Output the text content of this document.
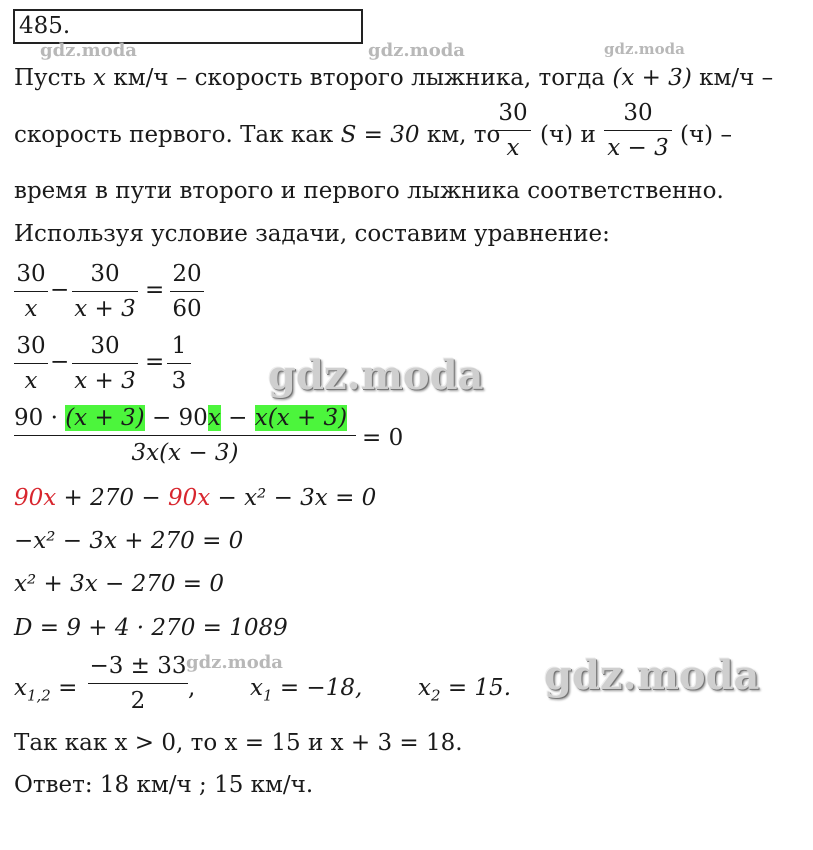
485.
gdz.moda	gdz.moda	gdz.moda
gdz.moda
gdz.moda
gdz.moda
Пусть x км/ч – скорость второго лыжника, тогда (x + 3) км/ч –
скорость первого. Так как S = 30 км, то
30
x (ч) и
30
x − 3 (ч) –
время в пути второго и первого лыжника соответственно.
Используя условие задачи, составим уравнение:
30
x
−
30
x + 3
=
20
60
30
x
−
30
x + 3
=
1
3
90 · (x + 3) − 90x − x(x + 3)
3x(x − 3)
= 0
90x + 270 − 90x − x² − 3x = 0
−x² − 3x + 270 = 0
x² + 3x − 270 = 0
D = 9 + 4 · 270 = 1089
$x_{1,2}$ =
−3 ± 33
2	, $x_1 = -18$, $x_2 = 15$.
Так как x > 0, то x = 15 и x + 3 = 18.
Ответ: 18 км/ч ; 15 км/ч.
